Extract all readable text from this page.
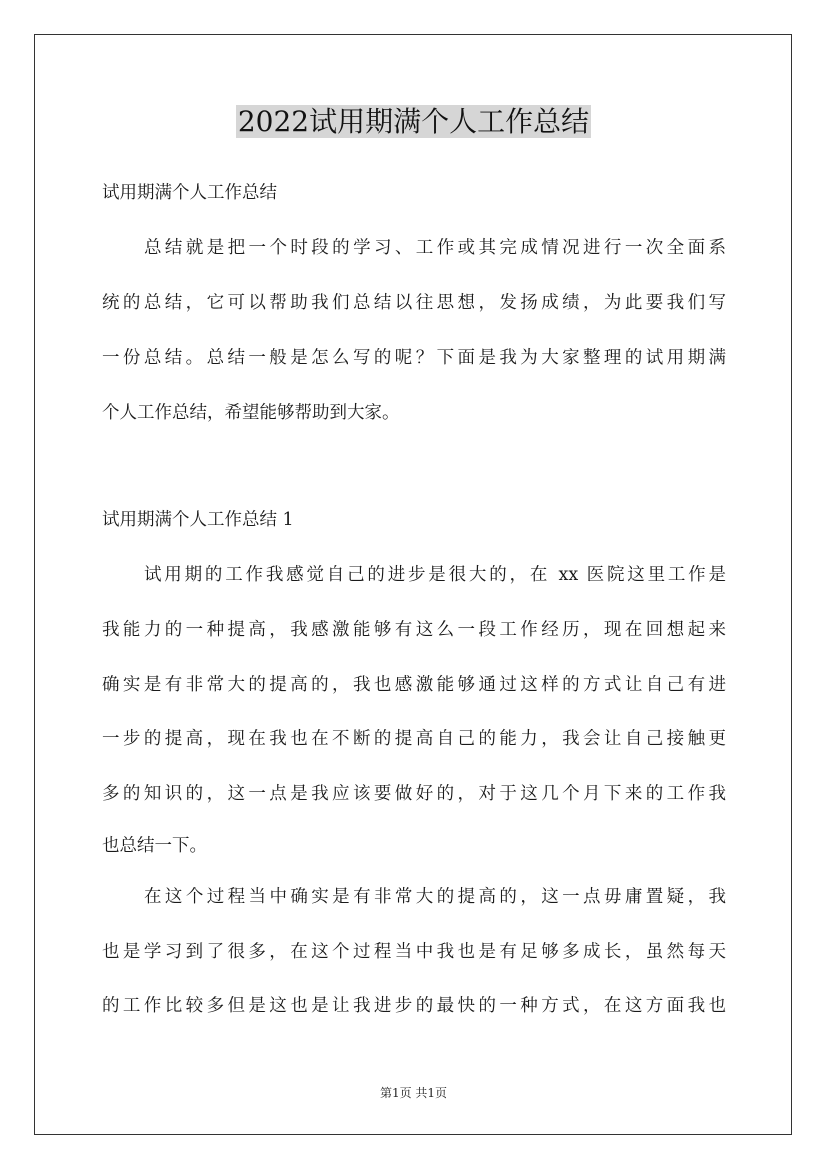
2022试用期满个人工作总结
试用期满个人工作总结
总结就是把一个时段的学习、工作或其完成情况进行一次全面系
统的总结，它可以帮助我们总结以往思想，发扬成绩，为此要我们写
一份总结。总结一般是怎么写的呢？下面是我为大家整理的试用期满
个人工作总结，希望能够帮助到大家。
试用期满个人工作总结 1
试用期的工作我感觉自己的进步是很大的，在 xx 医院这里工作是
我能力的一种提高，我感激能够有这么一段工作经历，现在回想起来
确实是有非常大的提高的，我也感激能够通过这样的方式让自己有进
一步的提高，现在我也在不断的提高自己的能力，我会让自己接触更
多的知识的，这一点是我应该要做好的，对于这几个月下来的工作我
也总结一下。
在这个过程当中确实是有非常大的提高的，这一点毋庸置疑，我
也是学习到了很多，在这个过程当中我也是有足够多成长，虽然每天
的工作比较多但是这也是让我进步的最快的一种方式，在这方面我也
第1页 共1页
